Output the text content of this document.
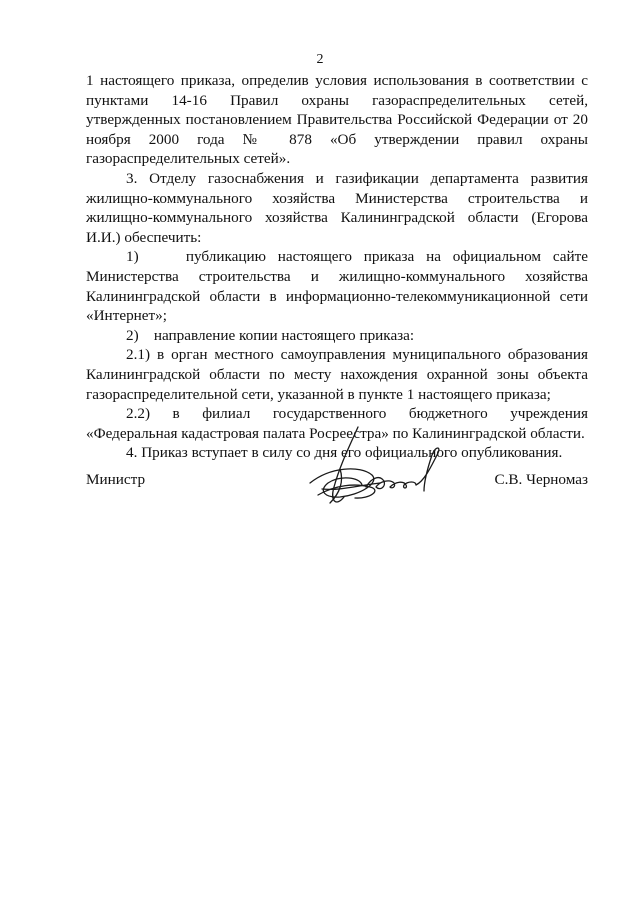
2

1 настоящего приказа, определив условия использования в соответствии с пунктами 14-16 Правил охраны газораспределительных сетей, утвержденных постановлением Правительства Российской Федерации от 20 ноября 2000 года № 878 «Об утверждении правил охраны газораспределительных сетей».

3. Отделу газоснабжения и газификации департамента развития жилищно-коммунального хозяйства Министерства строительства и жилищно-коммунального хозяйства Калининградской области (Егорова И.И.) обеспечить:

1)    публикацию настоящего приказа на официальном сайте Министерства строительства и жилищно-коммунального хозяйства Калининградской области в информационно-телекоммуникационной сети «Интернет»;

2)    направление копии настоящего приказа:

2.1) в орган местного самоуправления муниципального образования Калининградской области по месту нахождения охранной зоны объекта газораспределительной сети, указанной в пункте 1 настоящего приказа;

2.2) в филиал государственного бюджетного учреждения «Федеральная кадастровая палата Росреестра» по Калининградской области.

4. Приказ вступает в силу со дня его официального опубликования.

Министр	С.В. Черномаз
